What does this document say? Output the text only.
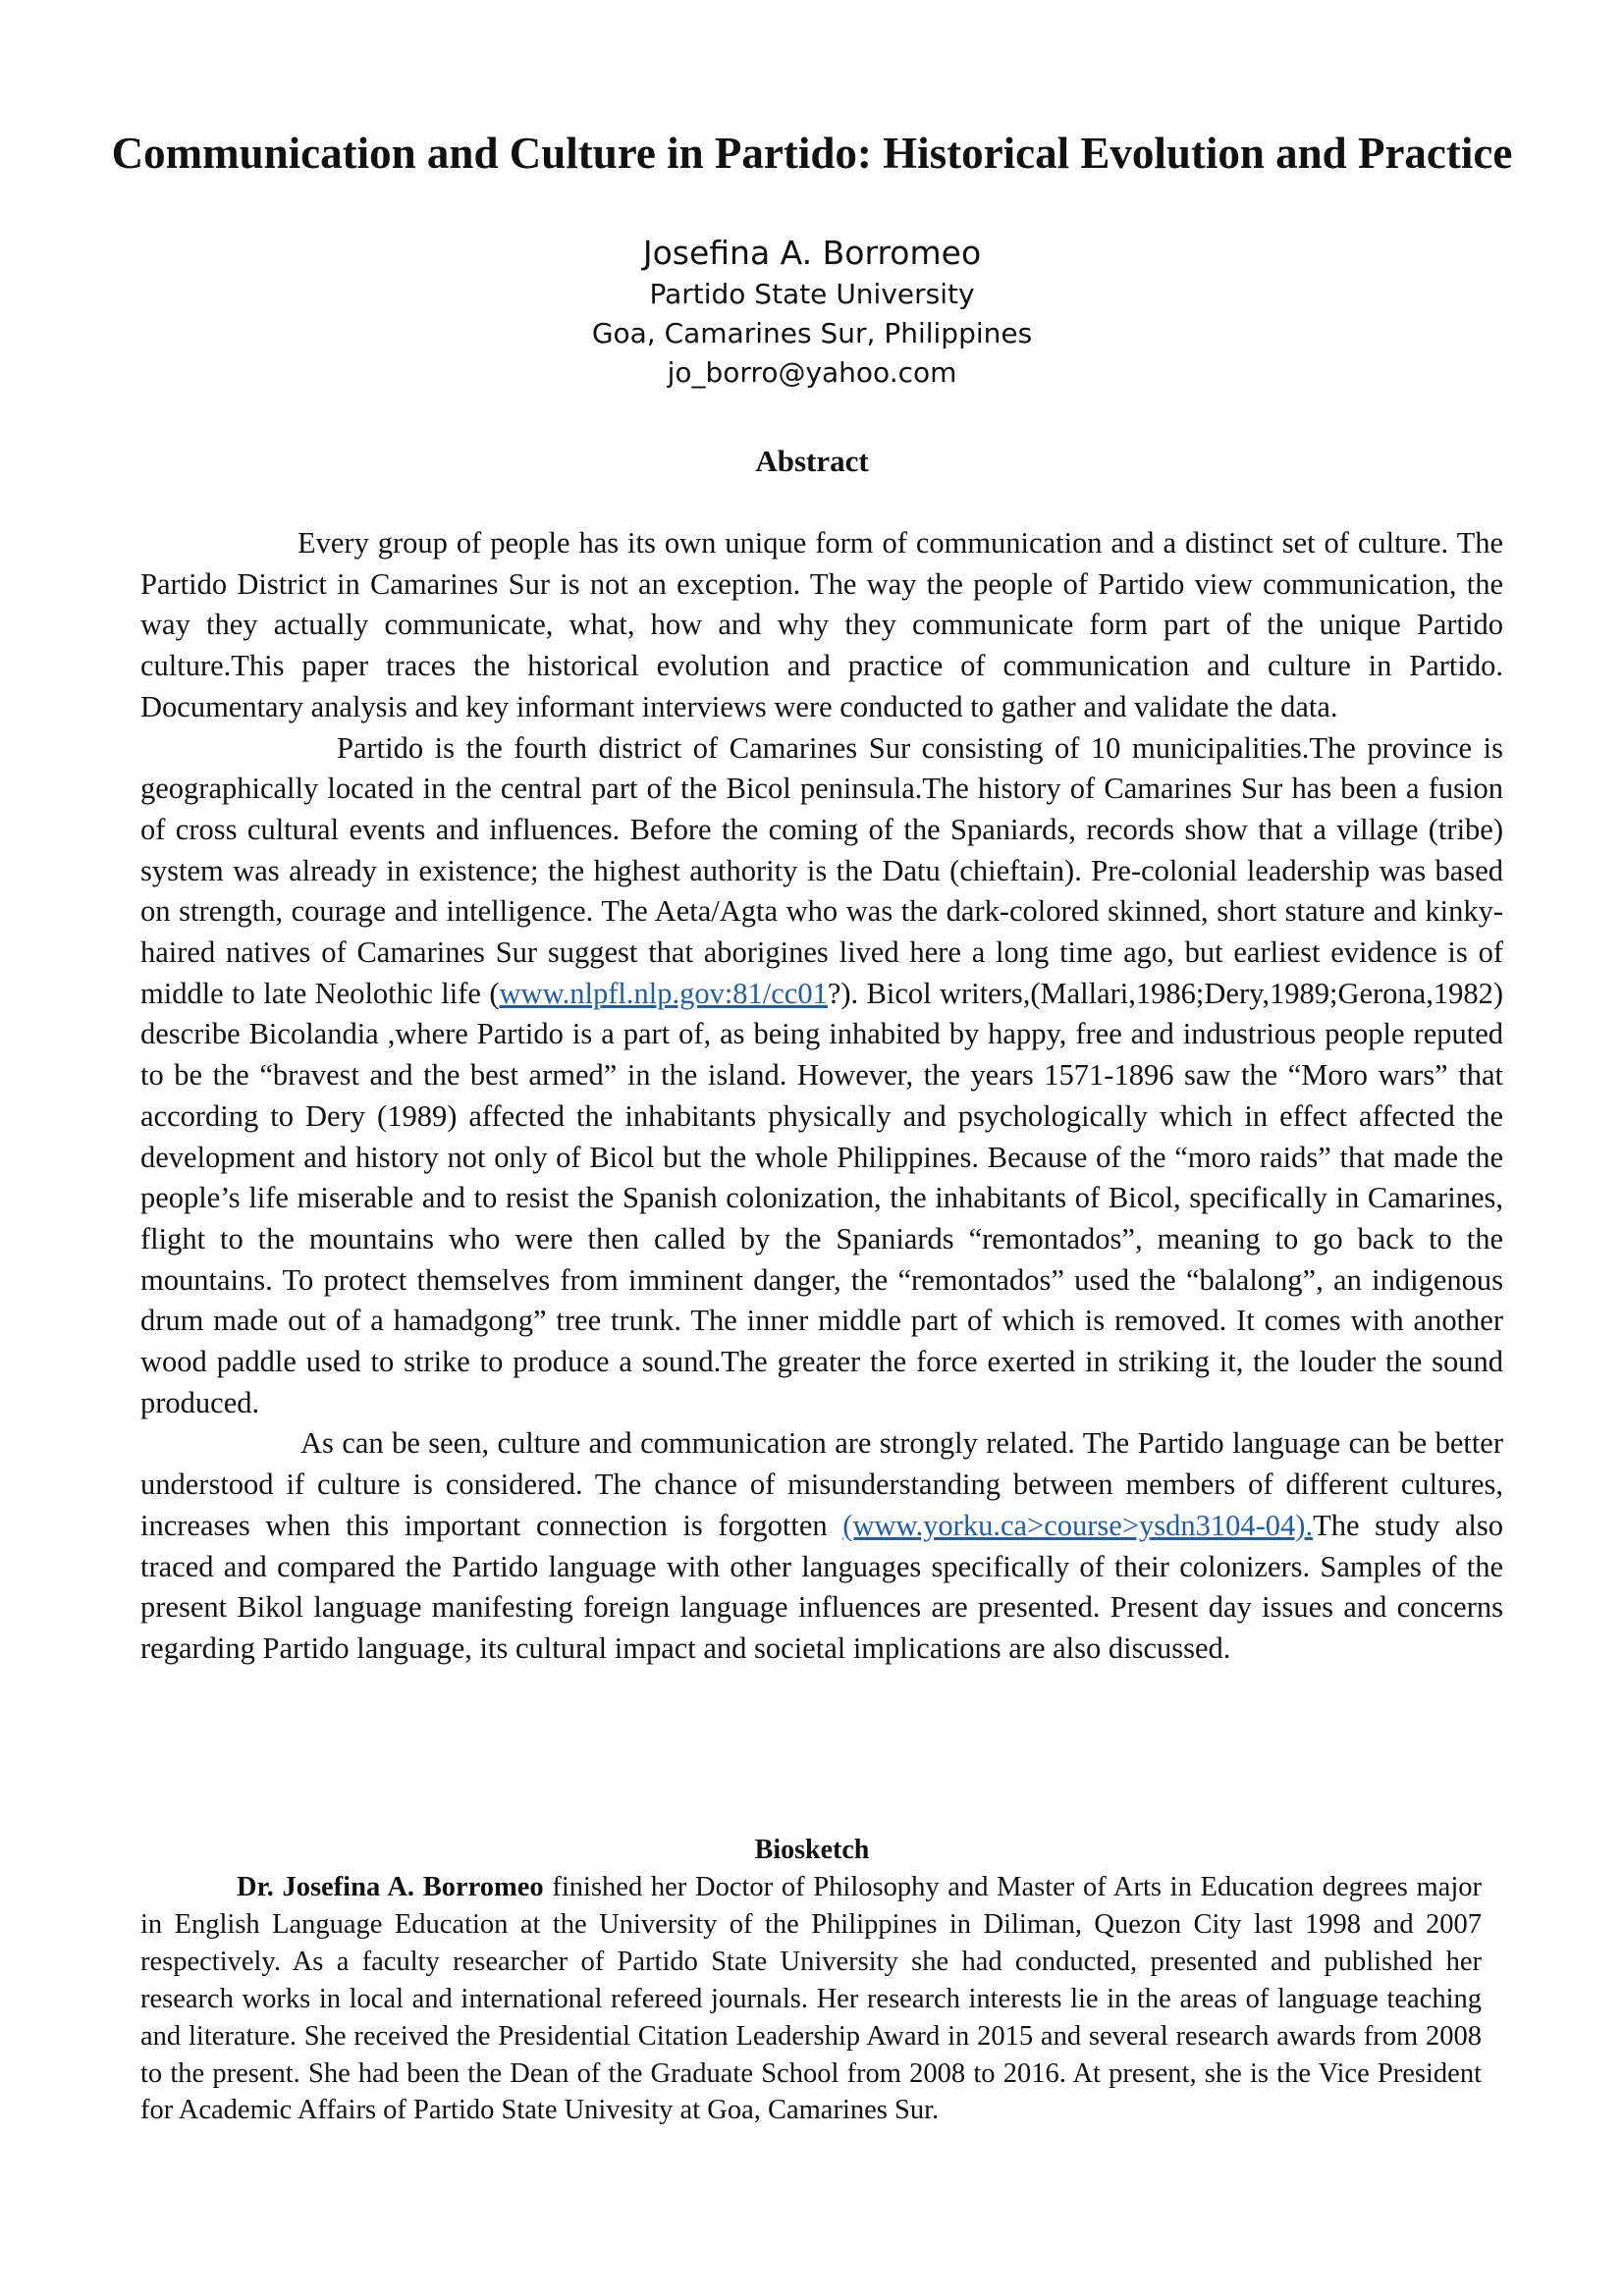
Communication and Culture in Partido: Historical Evolution and Practice

Josefina A. Borromeo

Partido State University

Goa, Camarines Sur, Philippines

jo_borro@yahoo.com

Abstract

Every group of people has its own unique form of communication and a distinct set of culture. The Partido District in Camarines Sur is not an exception. The way the people of Partido view communication, the way they actually communicate, what, how and why they communicate form part of the unique Partido culture.This paper traces the historical evolution and practice of communication and culture in Partido. Documentary analysis and key informant interviews were conducted to gather and validate the data.

Partido is the fourth district of Camarines Sur consisting of 10 municipalities.The province is geographically located in the central part of the Bicol peninsula.The history of Camarines Sur has been a fusion of cross cultural events and influences. Before the coming of the Spaniards, records show that a village (tribe) system was already in existence; the highest authority is the Datu (chieftain). Pre-colonial leadership was based on strength, courage and intelligence. The Aeta/Agta who was the dark-colored skinned, short stature and kinky-haired natives of Camarines Sur suggest that aborigines lived here a long time ago, but earliest evidence is of middle to late Neolothic life (www.nlpfl.nlp.gov:81/cc01?). Bicol writers,(Mallari,1986;Dery,1989;Gerona,1982) describe Bicolandia ,where Partido is a part of, as being inhabited by happy, free and industrious people reputed to be the “bravest and the best armed” in the island. However, the years 1571-1896 saw the “Moro wars” that according to Dery (1989) affected the inhabitants physically and psychologically which in effect affected the development and history not only of Bicol but the whole Philippines. Because of the “moro raids” that made the people’s life miserable and to resist the Spanish colonization, the inhabitants of Bicol, specifically in Camarines, flight to the mountains who were then called by the Spaniards “remontados”, meaning to go back to the mountains. To protect themselves from imminent danger, the “remontados” used the “balalong”, an indigenous drum made out of a hamadgong” tree trunk. The inner middle part of which is removed. It comes with another wood paddle used to strike to produce a sound.The greater the force exerted in striking it, the louder the sound produced.

As can be seen, culture and communication are strongly related. The Partido language can be better understood if culture is considered. The chance of misunderstanding between members of different cultures, increases when this important connection is forgotten (www.yorku.ca>course>ysdn3104-04).The study also traced and compared the Partido language with other languages specifically of their colonizers. Samples of the present Bikol language manifesting foreign language influences are presented. Present day issues and concerns regarding Partido language, its cultural impact and societal implications are also discussed.

Biosketch

Dr. Josefina A. Borromeo finished her Doctor of Philosophy and Master of Arts in Education degrees major in English Language Education at the University of the Philippines in Diliman, Quezon City last 1998 and 2007 respectively. As a faculty researcher of Partido State University she had conducted, presented and published her research works in local and international refereed journals. Her research interests lie in the areas of language teaching and literature. She received the Presidential Citation Leadership Award in 2015 and several research awards from 2008 to the present. She had been the Dean of the Graduate School from 2008 to 2016. At present, she is the Vice President for Academic Affairs of Partido State Univesity at Goa, Camarines Sur.
